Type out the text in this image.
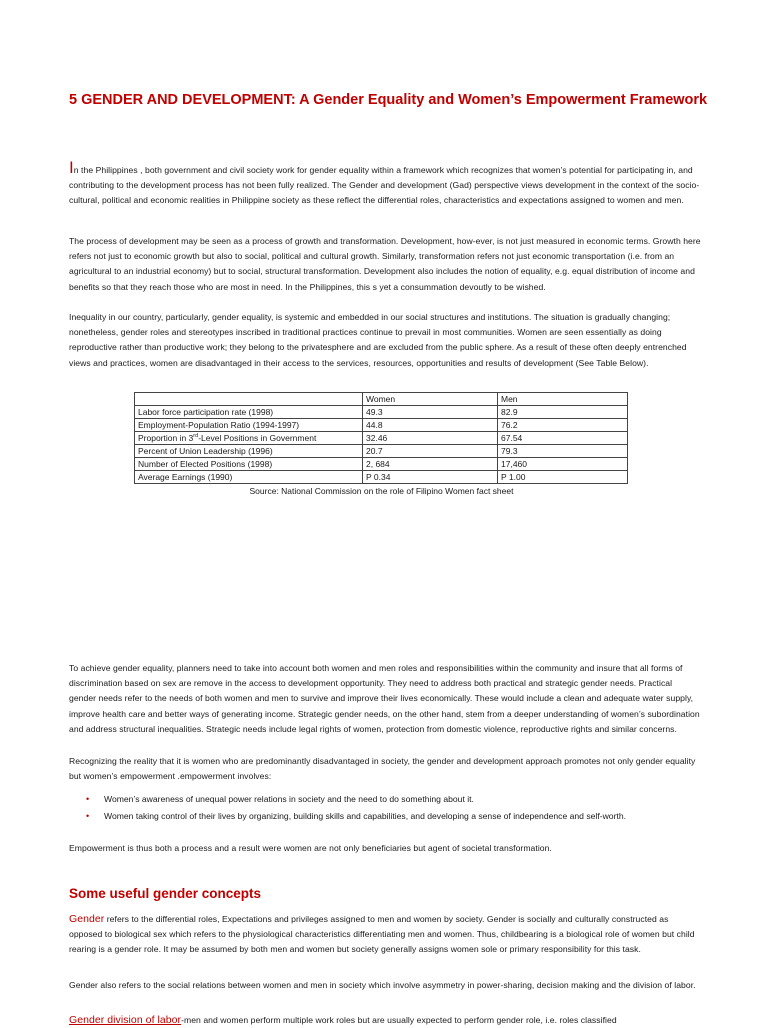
5 GENDER AND DEVELOPMENT: A Gender Equality and Women’s Empowerment Framework

In the Philippines , both government and civil society work for gender equality within a framework which recognizes that women’s potential for participating in, and contributing to the development process has not been fully realized. The Gender and development (Gad) perspective views development in the context of the socio-cultural, political and economic realities in Philippine society as these reflect the differential roles, characteristics and expectations assigned to women and men.

The process of development may be seen as a process of growth and transformation. Development, how-ever, is not just measured in economic terms. Growth here refers not just to economic growth but also to social, political and cultural growth. Similarly, transformation refers not just economic transportation (i.e. from an agricultural to an industrial economy) but to social, structural transformation. Development also includes the notion of equality, e.g. equal distribution of income and benefits so that they reach those who are most in need. In the Philippines, this s yet a consummation devoutly to be wished.

Inequality in our country, particularly, gender equality, is systemic and embedded in our social structures and institutions. The situation is gradually changing; nonetheless, gender roles and stereotypes inscribed in traditional practices continue to prevail in most communities. Women are seen essentially as doing reproductive rather than productive work; they belong to the privatesphere and are excluded from the public sphere. As a result of these often deeply entrenched views and practices, women are disadvantaged in their access to the services, resources, opportunities and results of development (See Table Below).

	Women	Men
Labor force participation rate (1998)	49.3	82.9
Employment-Population Ratio (1994-1997)	44.8	76.2
Proportion in 3rd-Level Positions in Government	32.46	67.54
Percent of Union Leadership (1996)	20.7	79.3
Number of Elected Positions (1998)	2, 684	17,460
Average Earnings (1990)	P 0.34	P 1.00

Source: National Commission on the role of Filipino Women fact sheet

To achieve gender equality, planners need to take into account both women and men roles and responsibilities within the community and insure that all forms of discrimination based on sex are remove in the access to development opportunity. They need to address both practical and strategic gender needs. Practical gender needs refer to the needs of both women and men to survive and improve their lives economically. These would include a clean and adequate water supply, improve health care and better ways of generating income. Strategic gender needs, on the other hand, stem from a deeper understanding of women’s subordination and address structural inequalities. Strategic needs include legal rights of women, protection from domestic violence, reproductive rights and similar concerns.

Recognizing the reality that it is women who are predominantly disadvantaged in society, the gender and development approach promotes not only gender equality but women’s empowerment .empowerment involves:

• Women’s awareness of unequal power relations in society and the need to do something about it.
• Women taking control of their lives by organizing, building skills and capabilities, and developing a sense of independence and self-worth.

Empowerment is thus both a process and a result were women are not only beneficiaries but agent of societal transformation.

Some useful gender concepts

Gender refers to the differential roles, Expectations and privileges assigned to men and women by society. Gender is socially and culturally constructed as opposed to biological sex which refers to the physiological characteristics differentiating men and women. Thus, childbearing is a biological role of women but child rearing is a gender role. It may be assumed by both men and women but society generally assigns women sole or primary responsibility for this task.

Gender also refers to the social relations between women and men in society which involve asymmetry in power-sharing, decision making and the division of labor.

Gender division of labor-men and women perform multiple work roles but are usually expected to perform gender role, i.e. roles classified
